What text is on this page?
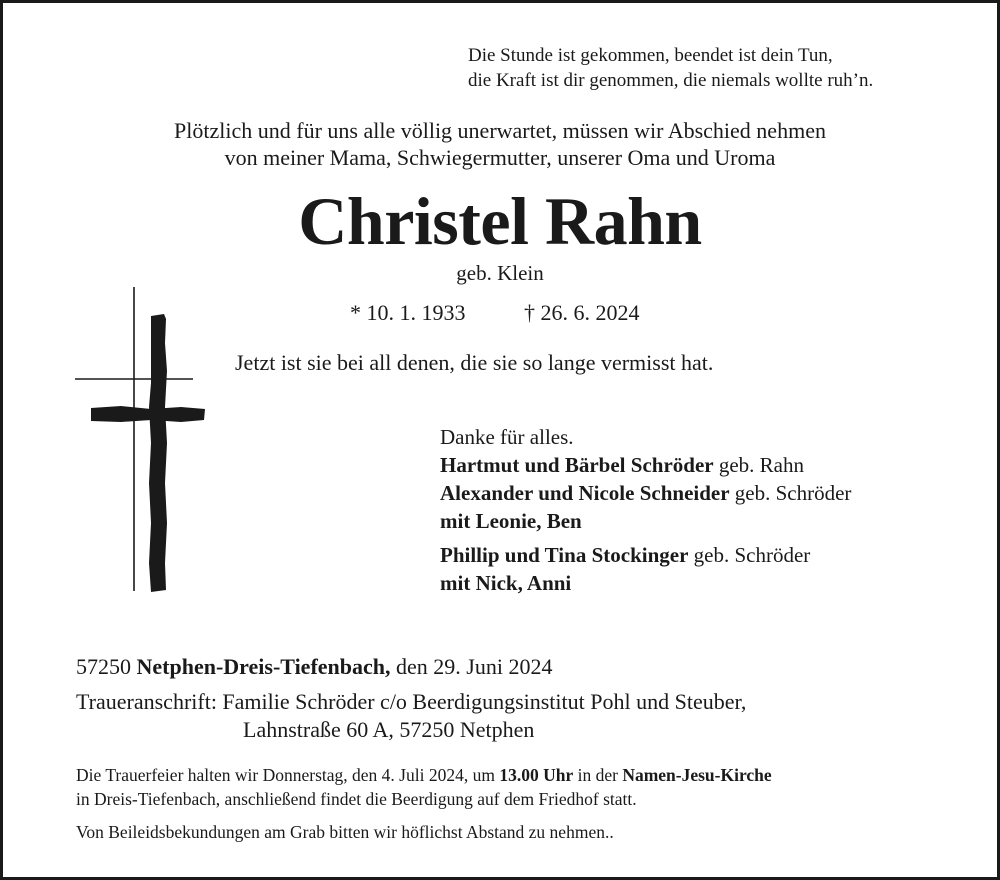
Die Stunde ist gekommen, beendet ist dein Tun,
die Kraft ist dir genommen, die niemals wollte ruh’n.
Plötzlich und für uns alle völlig unerwartet, müssen wir Abschied nehmen
von meiner Mama, Schwiegermutter, unserer Oma und Uroma
Christel Rahn
geb. Klein
* 10. 1. 1933	† 26. 6. 2024
Jetzt ist sie bei all denen, die sie so lange vermisst hat.
Danke für alles.
Hartmut und Bärbel Schröder geb. Rahn
Alexander und Nicole Schneider geb. Schröder
mit Leonie, Ben
Phillip und Tina Stockinger geb. Schröder
mit Nick, Anni
57250 Netphen-Dreis-Tiefenbach, den 29. Juni 2024
Traueranschrift: Familie Schröder c/o Beerdigungsinstitut Pohl und Steuber,
Lahnstraße 60 A, 57250 Netphen
Die Trauerfeier halten wir Donnerstag, den 4. Juli 2024, um 13.00 Uhr in der Namen-Jesu-Kirche
in Dreis-Tiefenbach, anschließend findet die Beerdigung auf dem Friedhof statt.
Von Beileidsbekundungen am Grab bitten wir höflichst Abstand zu nehmen..
